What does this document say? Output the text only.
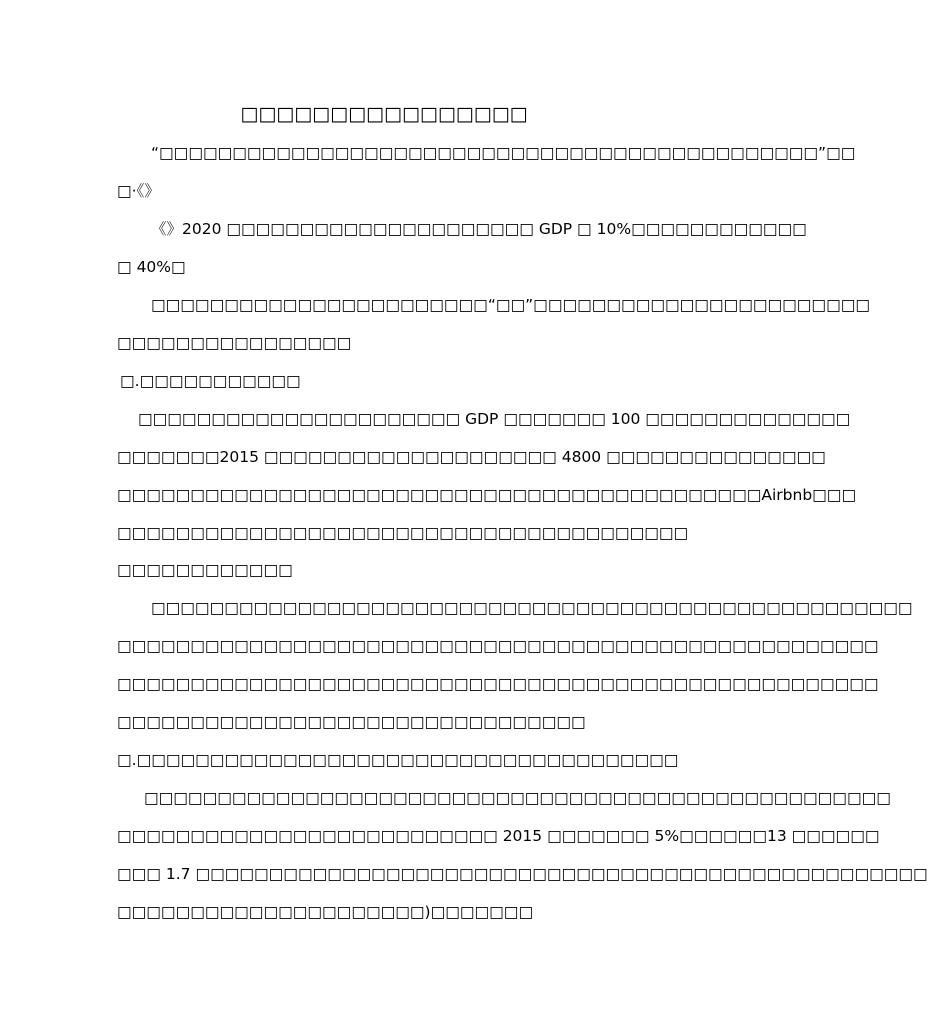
□□□□□□□□□□□□□□□□
“□□□□□□□□□□□□□□□□□□□□□□□□□□□□□□□□□□□□□□□□□□□□□”□□
□·《》
《》2020 □□□□□□□□□□□□□□□□□□□□□ GDP □ 10%□□□□□□□□□□□□
□ 40%□
□□□□□□□□□□□□□□□□□□□□□□□“□□”□□□□□□□□□□□□□□□□□□□□□□□
□□□□□□□□□□□□□□□□
□.□□□□□□□□□□□
□□□□□□□□□□□□□□□□□□□□□□ GDP □□□□□□□ 100 □□□□□□□□□□□□□□
□□□□□□□2015 □□□□□□□□□□□□□□□□□□□□ 4800 □□□□□□□□□□□□□□□
□□□□□□□□□□□□□□□□□□□□□□□□□□□□□□□□□□□□□□□□□□□□Airbnb□□□
□□□□□□□□□□□□□□□□□□□□□□□□□□□□□□□□□□□□□□□
□□□□□□□□□□□□
□□□□□□□□□□□□□□□□□□□□□□□□□□□□□□□□□□□□□□□□□□□□□□□□□□□□
□□□□□□□□□□□□□□□□□□□□□□□□□□□□□□□□□□□□□□□□□□□□□□□□□□□□
□□□□□□□□□□□□□□□□□□□□□□□□□□□□□□□□□□□□□□□□□□□□□□□□□□□□
□□□□□□□□□□□□□□□□□□□□□□□□□□□□□□□□
□.□□□□□□□□□□□□□□□□□□□□□□□□□□□□□□□□□□□□□
□□□□□□□□□□□□□□□□□□□□□□□□□□□□□□□□□□□□□□□□□□□□□□□□□□□
□□□□□□□□□□□□□□□□□□□□□□□□□□ 2015 □□□□□□□ 5%□□□□□□13 □□□□□□
□□□ 1.7 □□□□□□□□□□□□□□□□□□□□□□□□□□□□□□□□□□□□□□□□□□□□□□□□□□
□□□□□□□□□□□□□□□□□□□□□)□□□□□□□
